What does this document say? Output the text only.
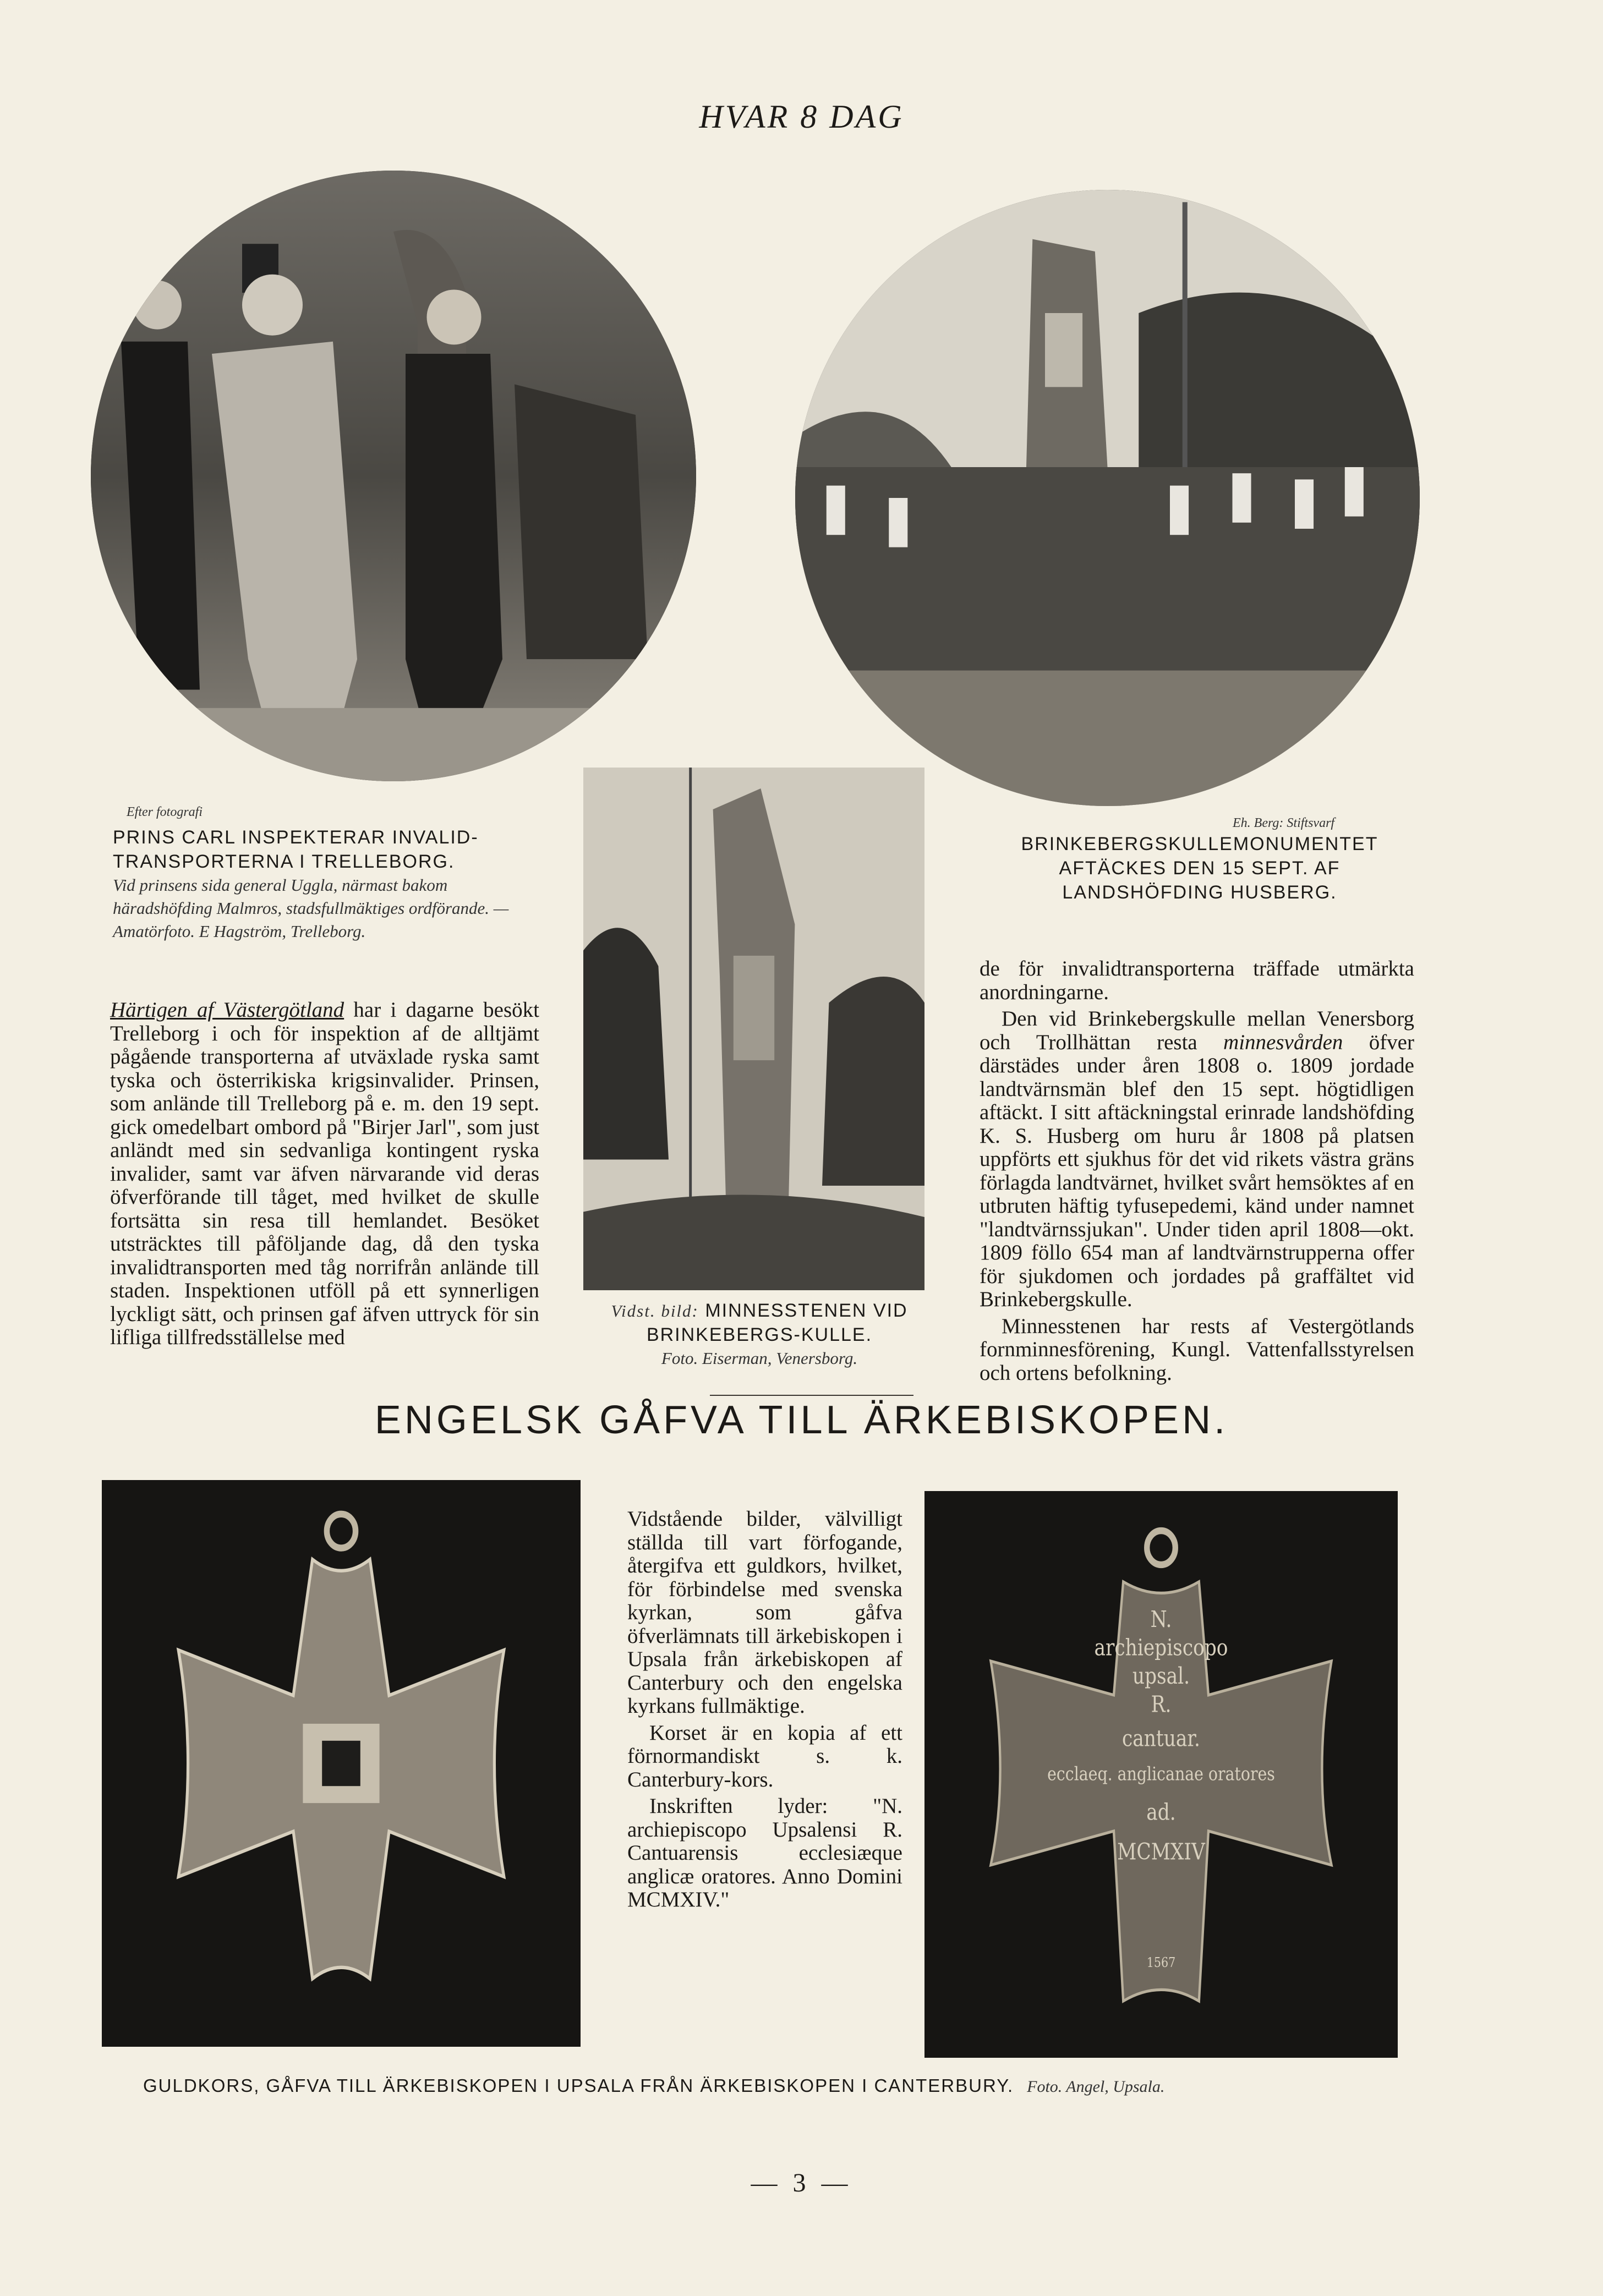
HVAR 8 DAG
Efter fotografi
PRINS CARL INSPEKTERAR INVALID-TRANSPORTERNA I TRELLEBORG.
Vid prinsens sida general Uggla, närmast bakom häradshöfding Malmros, stadsfullmäktiges ordförande. — Amatörfoto. E Hagström, Trelleborg.
Eh. Berg: Stiftsvarf
BRINKEBERGSKULLEMONUMENTET AFTÄCKES DEN 15 SEPT. AF LANDSHÖFDING HUSBERG.
Vidst. bild: MINNESSTENEN VID BRINKEBERGS-KULLE.
Foto. Eiserman, Venersborg.

Härtigen af Västergötland har i dagarne besökt Trelleborg i och för inspektion af de alltjämt pågående transporterna af utväxlade ryska samt tyska och österrikiska krigsinvalider. Prinsen, som anlände till Trelleborg på e. m. den 19 sept. gick omedelbart ombord på "Birjer Jarl", som just anländt med sin sedvanliga kontingent ryska invalider, samt var äfven närvarande vid deras öfverförande till tåget, med hvilket de skulle fortsätta sin resa till hemlandet. Besöket utsträcktes till påföljande dag, då den tyska invalidtransporten med tåg norrifrån anlände till staden. Inspektionen utföll på ett synnerligen lyckligt sätt, och prinsen gaf äfven uttryck för sin lifliga tillfredsställelse med

de för invalidtransporterna träffade utmärkta anordningarne.

Den vid Brinkebergskulle mellan Venersborg och Trollhättan resta minnesvården öfver därstädes under åren 1808 o. 1809 jordade landtvärnsmän blef den 15 sept. högtidligen aftäckt. I sitt aftäckningstal erinrade landshöfding K. S. Husberg om huru år 1808 på platsen uppförts ett sjukhus för det vid rikets västra gräns förlagda landtvärnet, hvilket svårt hemsöktes af en utbruten häftig tyfusepedemi, känd under namnet "landtvärnssjukan". Under tiden april 1808—okt. 1809 föllo 654 man af landtvärnstrupperna offer för sjukdomen och jordades på graffältet vid Brinkebergskulle.

Minnesstenen har rests af Vestergötlands fornminnesförening, Kungl. Vattenfallsstyrelsen och ortens befolkning.

ENGELSK GÅFVA TILL ÄRKEBISKOPEN.

Vidstående bilder, välvilligt ställda till vart förfogande, återgifva ett guldkors, hvilket, för förbindelse med svenska kyrkan, som gåfva öfverlämnats till ärkebiskopen i Upsala från ärkebiskopen af Canterbury och den engelska kyrkans fullmäktige.

Korset är en kopia af ett förnormandiskt s. k. Canterbury-kors.

Inskriften lyder: "N. archiepiscopo Upsalensi R. Cantuarensis ecclesiæque anglicæ oratores. Anno Domini MCMXIV."

N.
archiepiscopo
upsal.
R.
cantuar.
ecclaeq. anglicanae oratores
ad.
MCMXIV
1567
GULDKORS, GÅFVA TILL ÄRKEBISKOPEN I UPSALA FRÅN ÄRKEBISKOPEN I CANTERBURY. Foto. Angel, Upsala.
— 3 —
